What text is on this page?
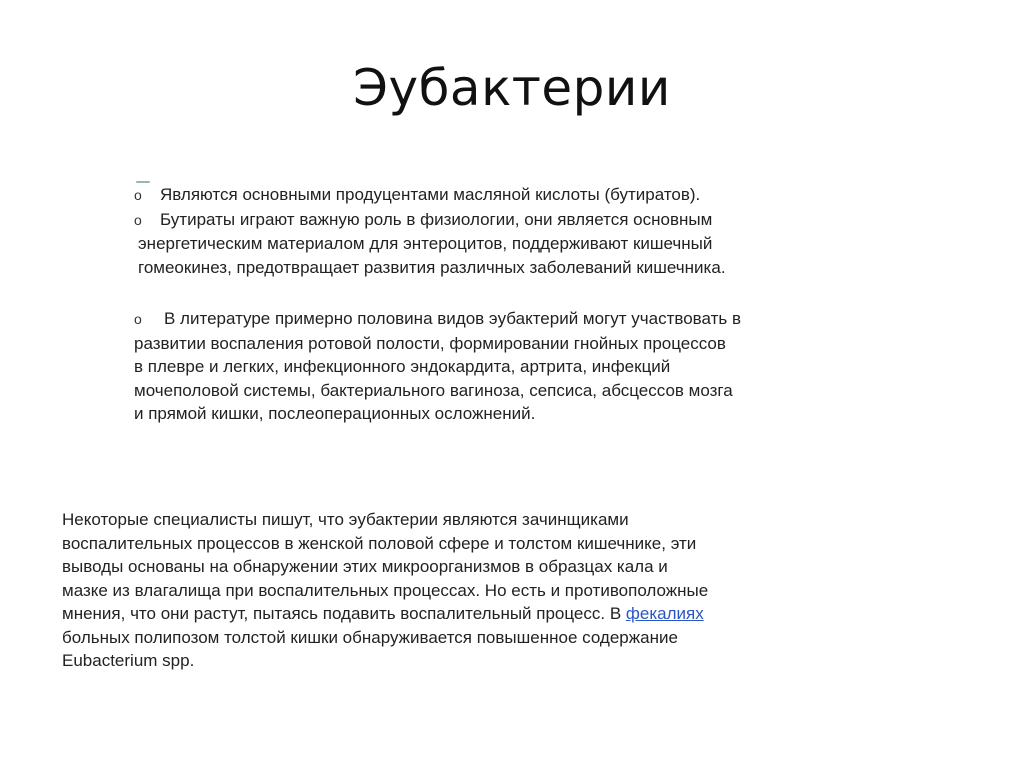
Эубактерии
o Являются основными продуцентами масляной кислоты (бутиратов).
o Бутираты играют важную роль в физиологии, они является основным
энергетическим материалом для энтероцитов, поддерживают кишечный
гомеокинез, предотвращает развития различных заболеваний кишечника.
o В литературе примерно половина видов эубактерий могут участвовать в
развитии воспаления ротовой полости, формировании гнойных процессов
в плевре и легких, инфекционного эндокардита, артрита, инфекций
мочеполовой системы, бактериального вагиноза, сепсиса, абсцессов мозга
и прямой кишки, послеоперационных осложнений.
Некоторые специалисты пишут, что эубактерии являются зачинщиками
воспалительных процессов в женской половой сфере и толстом кишечнике, эти
выводы основаны на обнаружении этих микроорганизмов в образцах кала и
мазке из влагалища при воспалительных процессах. Но есть и противоположные
мнения, что они растут, пытаясь подавить воспалительный процесс. В фекалиях
больных полипозом толстой кишки обнаруживается повышенное содержание
Eubacterium spp.
